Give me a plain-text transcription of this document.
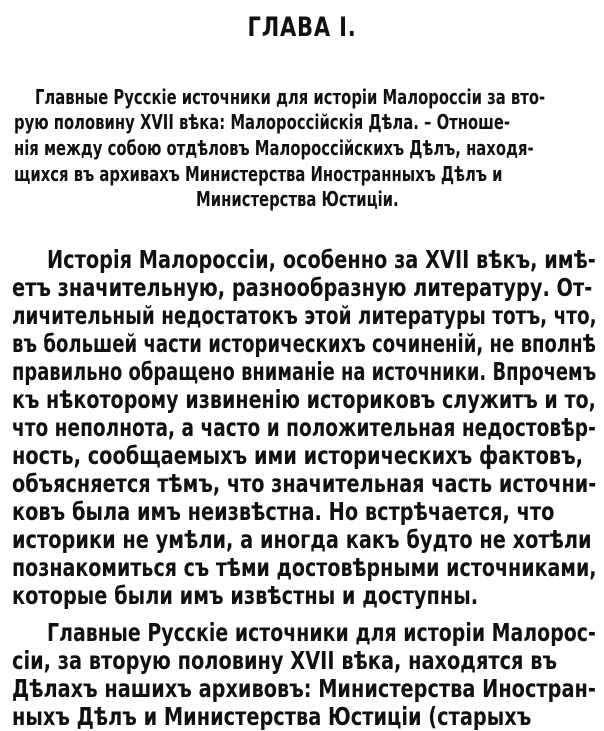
ГЛАВА I.
Главные Русскiе источники для исторiи Малороссiи за вто-
рую половину XVII вѣка: Малороссiйскiя Дѣла. – Отноше-
нiя между собою отдѣловъ Малороссiйскихъ Дѣлъ, находя-
щихся въ архивахъ Министерства Иностранныхъ Дѣлъ и
Министерства Юстицiи.
Исторiя Малороссiи, особенно за XVII вѣкъ, имѣ-
етъ значительную, разнообразную литературу. От-
личительный недостатокъ этой литературы тотъ, что,
въ большей части историческихъ сочиненiй, не вполнѣ
правильно обращено вниманiе на источники. Впрочемъ
къ нѣкоторому извиненiю историковъ служитъ и то,
что неполнота, а часто и положительная недостовѣр-
ность, сообщаемыхъ ими историческихъ фактовъ,
объясняется тѣмъ, что значительная часть источни-
ковъ была имъ неизвѣстна. Но встрѣчается, что
историки не умѣли, а иногда какъ будто не хотѣли
познакомиться съ тѣми достовѣрными источниками,
которые были имъ извѣстны и доступны.
Главные Русскiе источники для исторiи Малорос-
сiи, за вторую половину XVII вѣка, находятся въ
Дѣлахъ нашихъ архивовъ: Министерства Иностран-
ныхъ Дѣлъ и Министерства Юстицiи (старыхъ
